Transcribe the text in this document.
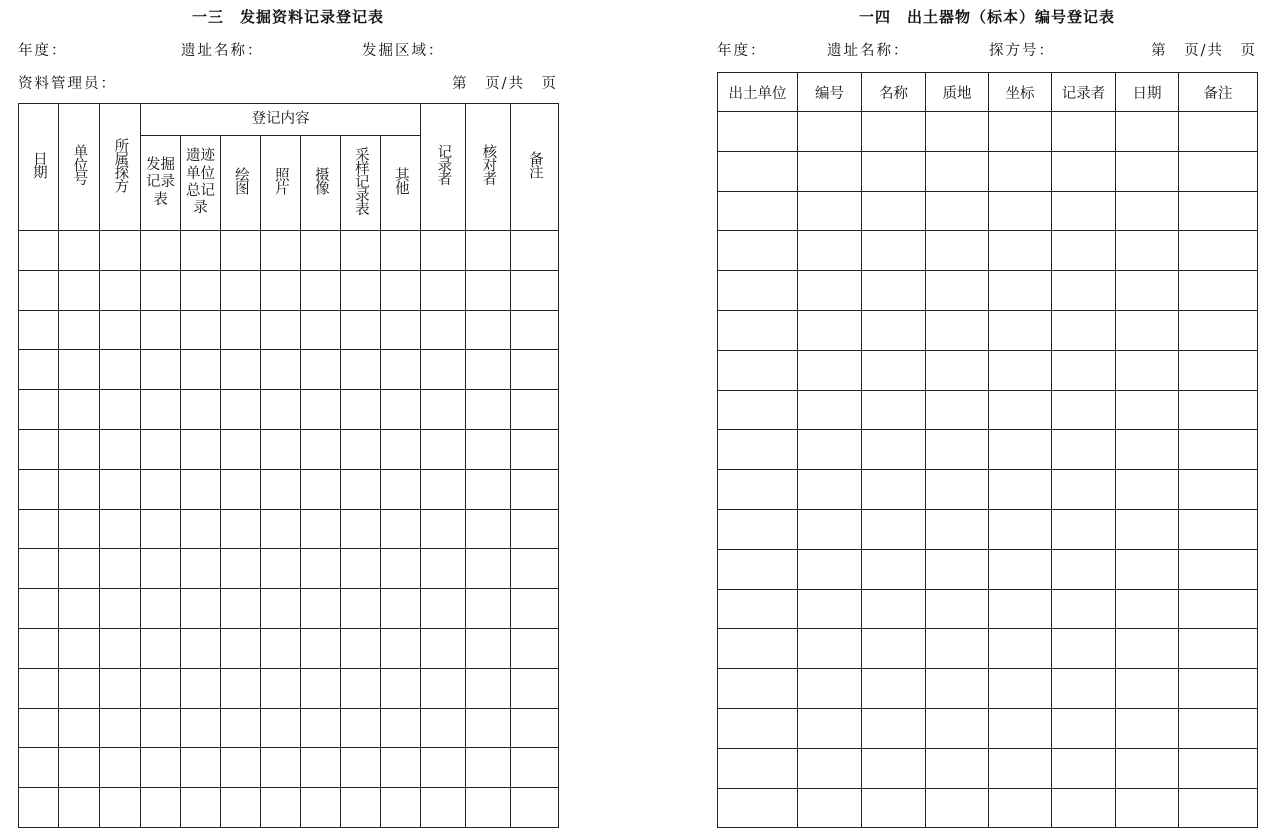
一三　发掘资料记录登记表
年度：	遗址名称：	发掘区域：
资料管理员：	第　页/共　页
日期	单位号	所属探方	登记内容							记录者	核对者	备注
			发掘记录表	遗迹单位总记录	绘图	照片	摄像	采样记录表	其他			

一四　出土器物（标本）编号登记表
年度：	遗址名称：	探方号：	第　页/共　页
出土单位	编号	名称	质地	坐标	记录者	日期	备注
